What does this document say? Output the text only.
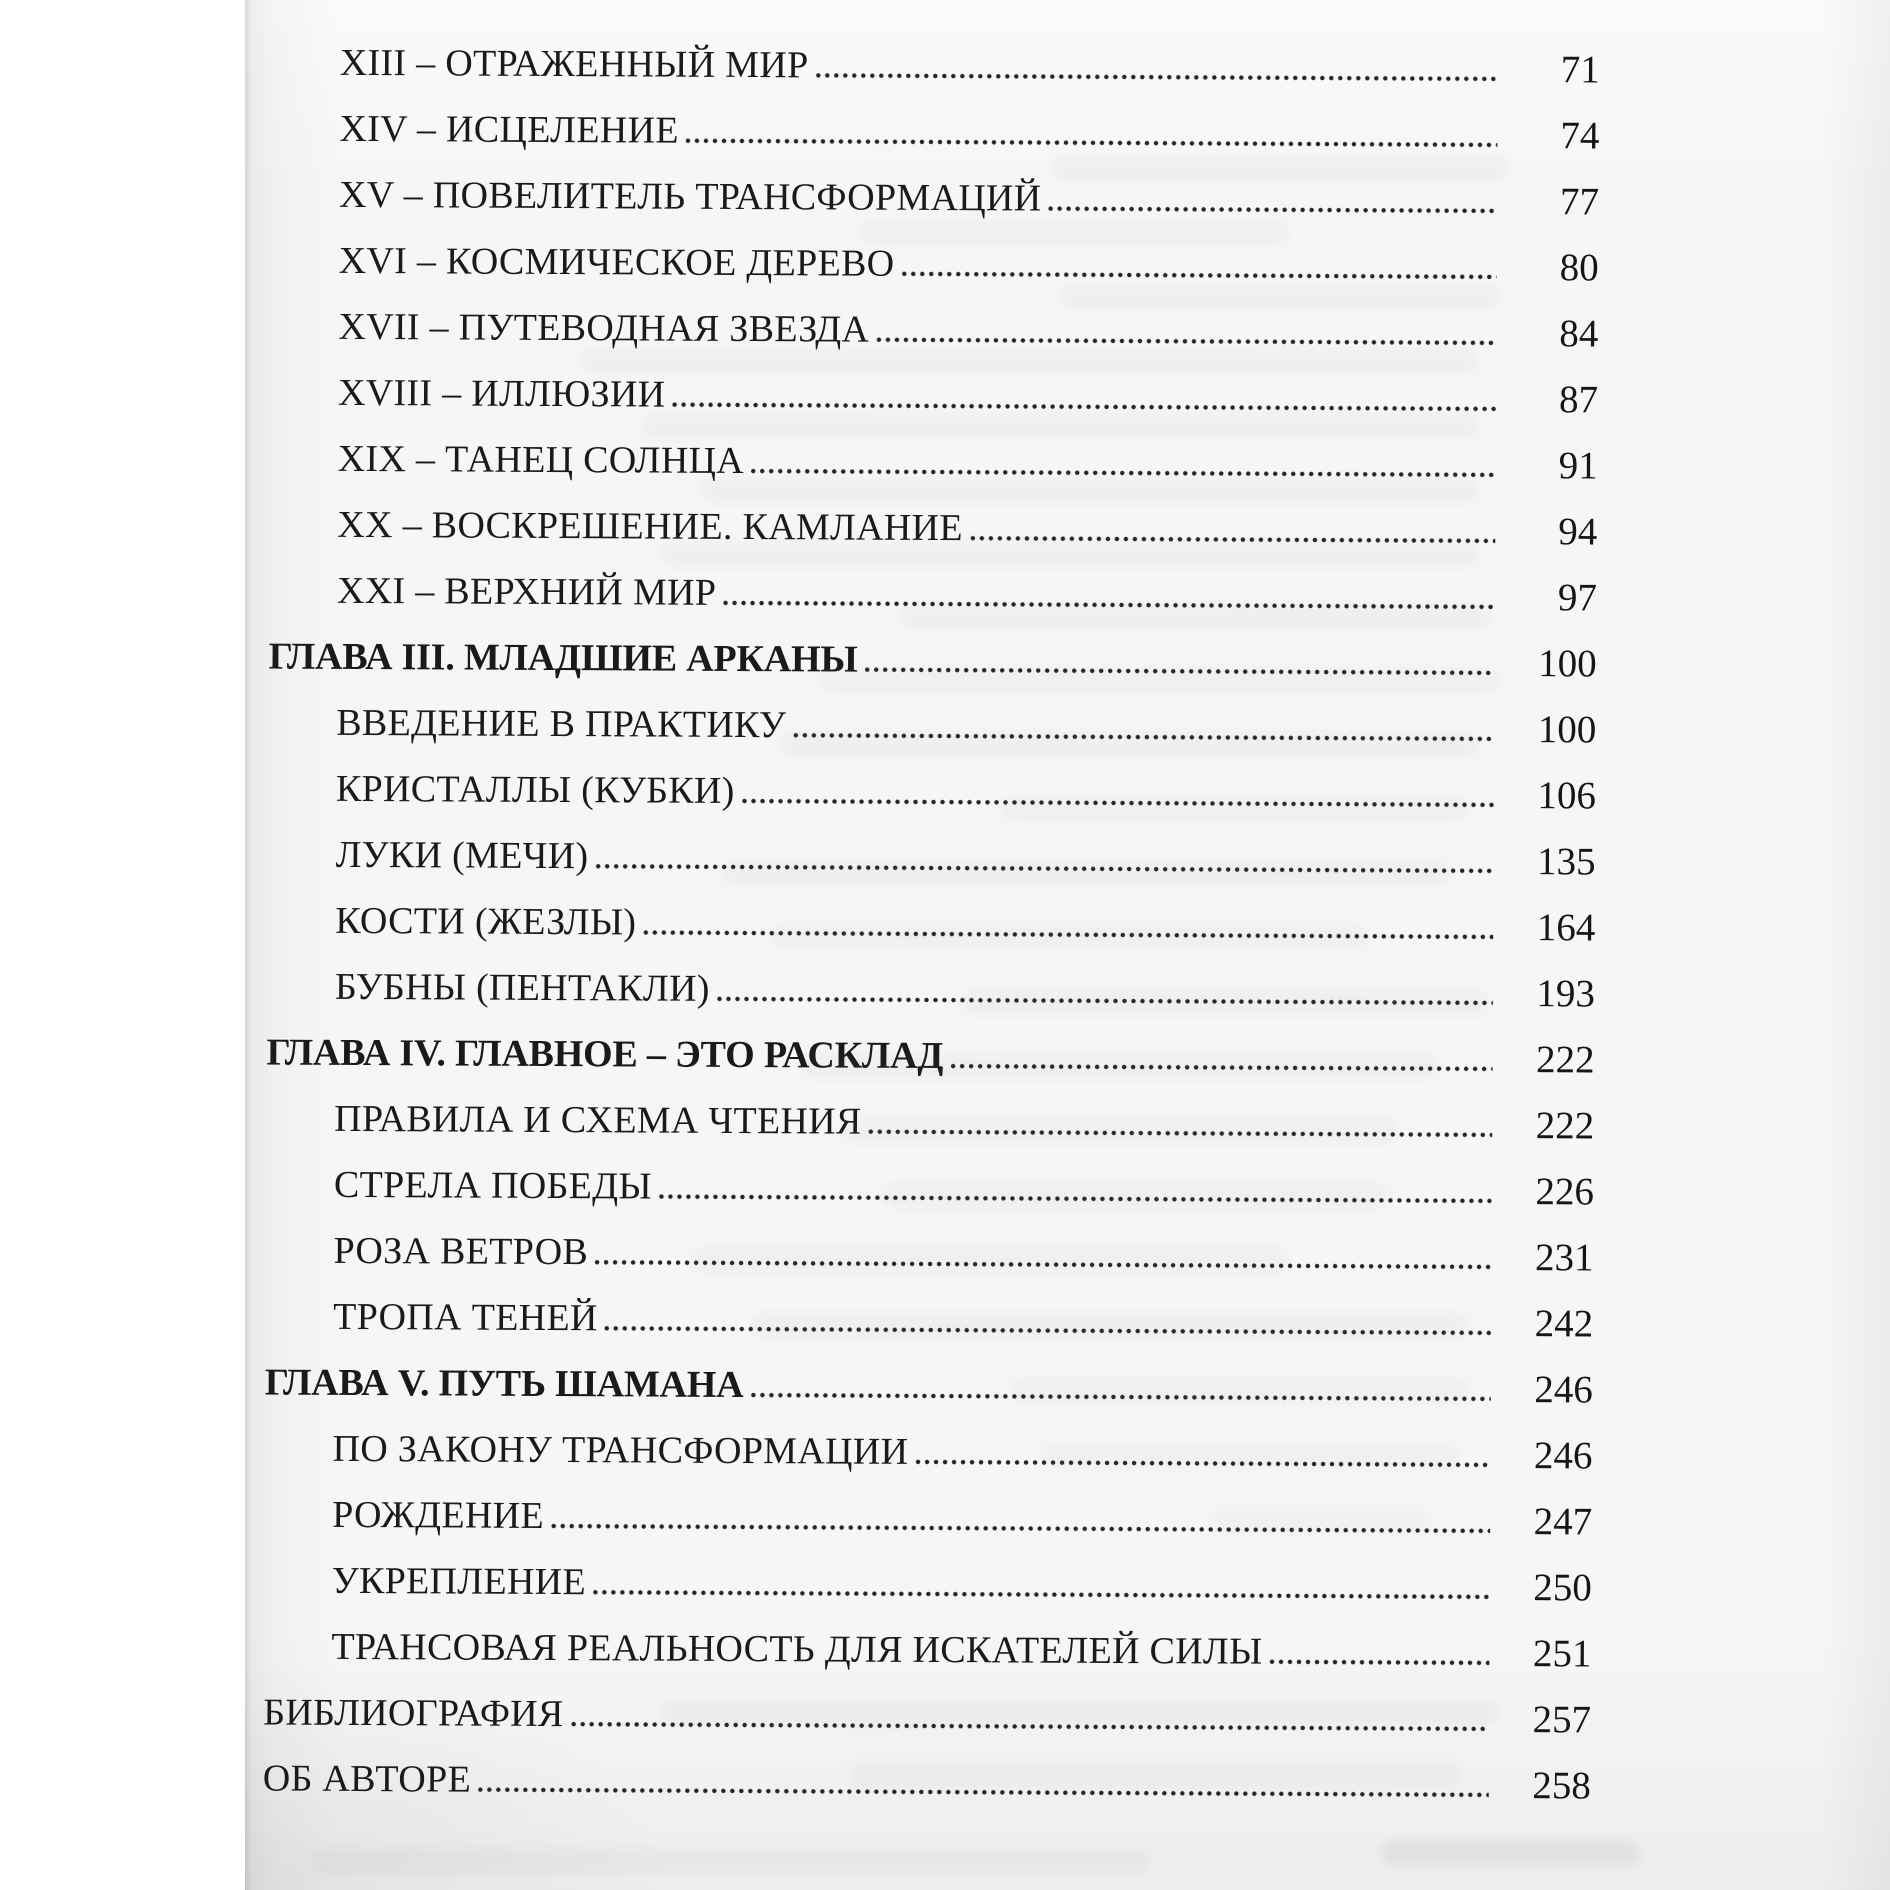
XIII – ОТРАЖЕННЫЙ МИР	71
XIV – ИСЦЕЛЕНИЕ	74
XV – ПОВЕЛИТЕЛЬ ТРАНСФОРМАЦИЙ	77
XVI – КОСМИЧЕСКОЕ ДЕРЕВО	80
XVII – ПУТЕВОДНАЯ ЗВЕЗДА	84
XVIII – ИЛЛЮЗИИ	87
XIX – ТАНЕЦ СОЛНЦА	91
XX – ВОСКРЕШЕНИЕ. КАМЛАНИЕ	94
XXI – ВЕРХНИЙ МИР	97
ГЛАВА III. МЛАДШИЕ АРКАНЫ	100
ВВЕДЕНИЕ В ПРАКТИКУ	100
КРИСТАЛЛЫ (КУБКИ)	106
ЛУКИ (МЕЧИ)	135
КОСТИ (ЖЕЗЛЫ)	164
БУБНЫ (ПЕНТАКЛИ)	193
ГЛАВА IV. ГЛАВНОЕ – ЭТО РАСКЛАД	222
ПРАВИЛА И СХЕМА ЧТЕНИЯ	222
СТРЕЛА ПОБЕДЫ	226
РОЗА ВЕТРОВ	231
ТРОПА ТЕНЕЙ	242
ГЛАВА V. ПУТЬ ШАМАНА	246
ПО ЗАКОНУ ТРАНСФОРМАЦИИ	246
РОЖДЕНИЕ	247
УКРЕПЛЕНИЕ	250
ТРАНСОВАЯ РЕАЛЬНОСТЬ ДЛЯ ИСКАТЕЛЕЙ СИЛЫ	251
БИБЛИОГРАФИЯ	257
ОБ АВТОРЕ	258
